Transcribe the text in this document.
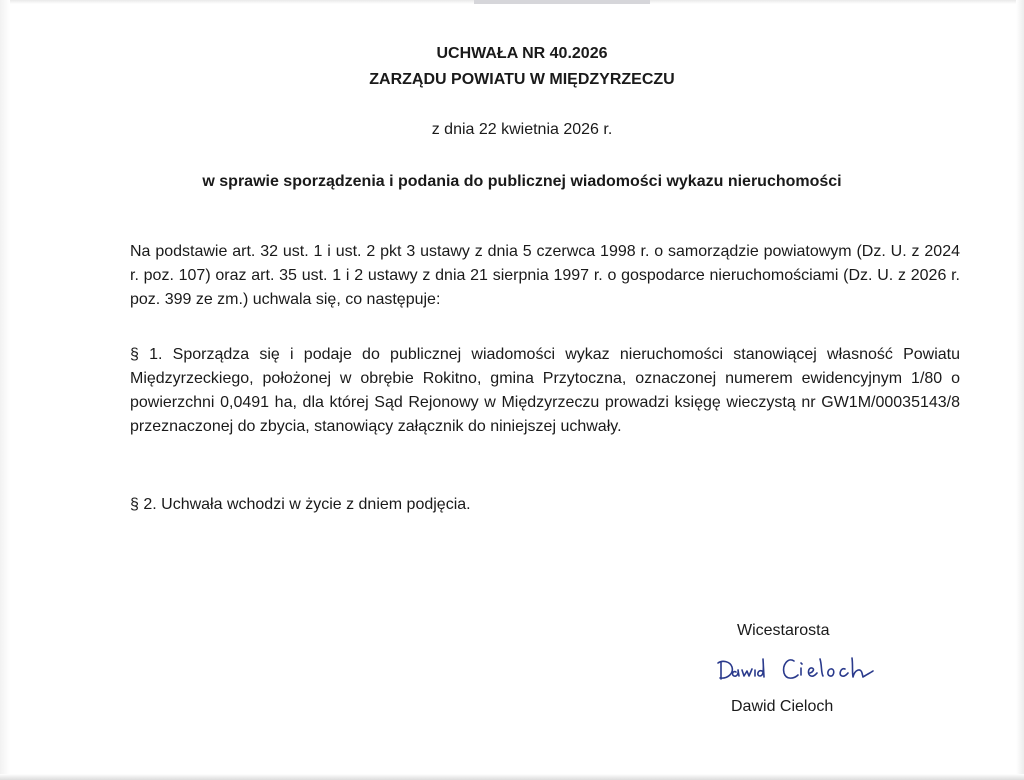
UCHWAŁA NR 40.2026
ZARZĄDU POWIATU W MIĘDZYRZECZU
z dnia 22 kwietnia 2026 r.
w sprawie sporządzenia i podania do publicznej wiadomości wykazu nieruchomości
Na podstawie art. 32 ust. 1 i ust. 2 pkt 3 ustawy z dnia 5 czerwca 1998 r. o samorządzie powiatowym (Dz. U. z 2024 r. poz. 107) oraz art. 35 ust. 1 i 2 ustawy z dnia 21 sierpnia 1997 r. o gospodarce nieruchomościami (Dz. U. z 2026 r. poz. 399 ze zm.) uchwala się, co następuje:
§ 1. Sporządza się i podaje do publicznej wiadomości wykaz nieruchomości stanowiącej własność Powiatu Międzyrzeckiego, położonej w obrębie Rokitno, gmina Przytoczna, oznaczonej numerem ewidencyjnym 1/80 o powierzchni 0,0491 ha, dla której Sąd Rejonowy w Międzyrzeczu prowadzi księgę wieczystą nr GW1M/00035143/8 przeznaczonej do zbycia, stanowiący załącznik do niniejszej uchwały.
§ 2. Uchwała wchodzi w życie z dniem podjęcia.
Wicestarosta
Dawid Cieloch
